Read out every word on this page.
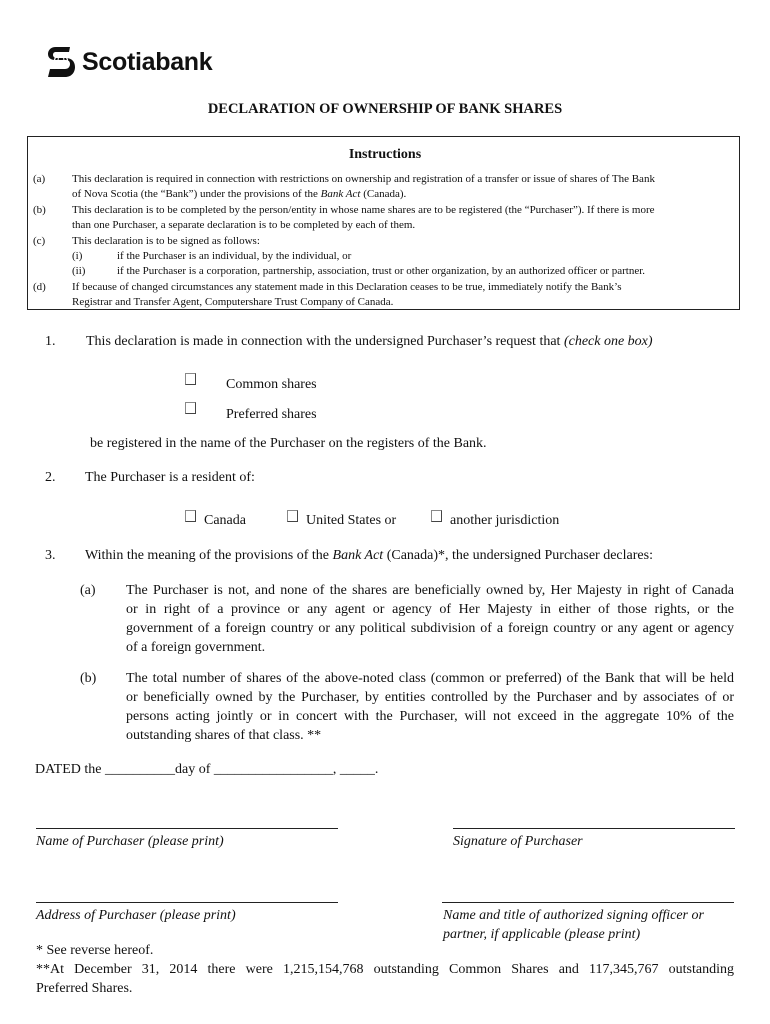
Scotiabank
DECLARATION OF OWNERSHIP OF BANK SHARES
Instructions
(a) This declaration is required in connection with restrictions on ownership and registration of a transfer or issue of shares of The Bank
of Nova Scotia (the “Bank”) under the provisions of the Bank Act (Canada).
(b) This declaration is to be completed by the person/entity in whose name shares are to be registered (the “Purchaser”). If there is more
than one Purchaser, a separate declaration is to be completed by each of them.
(c) This declaration is to be signed as follows:
(i)	if the Purchaser is an individual, by the individual, or
(ii)	if the Purchaser is a corporation, partnership, association, trust or other organization, by an authorized officer or partner.
(d) If because of changed circumstances any statement made in this Declaration ceases to be true, immediately notify the Bank’s
Registrar and Transfer Agent, Computershare Trust Company of Canada.
1. This declaration is made in connection with the undersigned Purchaser’s request that (check one box)
Common shares
Preferred shares
be registered in the name of the Purchaser on the registers of the Bank.
2. The Purchaser is a resident of:
Canada	United States or	another jurisdiction
3. Within the meaning of the provisions of the Bank Act (Canada)*, the undersigned Purchaser declares:
(a) The Purchaser is not, and none of the shares are beneficially owned by, Her Majesty in right of Canada
or in right of a province or any agent or agency of Her Majesty in either of those rights, or the
government of a foreign country or any political subdivision of a foreign country or any agent or agency
of a foreign government.
(b) The total number of shares of the above-noted class (common or preferred) of the Bank that will be held
or beneficially owned by the Purchaser, by entities controlled by the Purchaser and by associates of or
persons acting jointly or in concert with the Purchaser, will not exceed in the aggregate 10% of the
outstanding shares of that class. **
DATED the __________day of _________________, _____.
Name of Purchaser (please print)	Signature of Purchaser
Address of Purchaser (please print)	Name and title of authorized signing officer or
partner, if applicable (please print)
* See reverse hereof.
**At December 31, 2014 there were 1,215,154,768 outstanding Common Shares and 117,345,767 outstanding
Preferred Shares.
